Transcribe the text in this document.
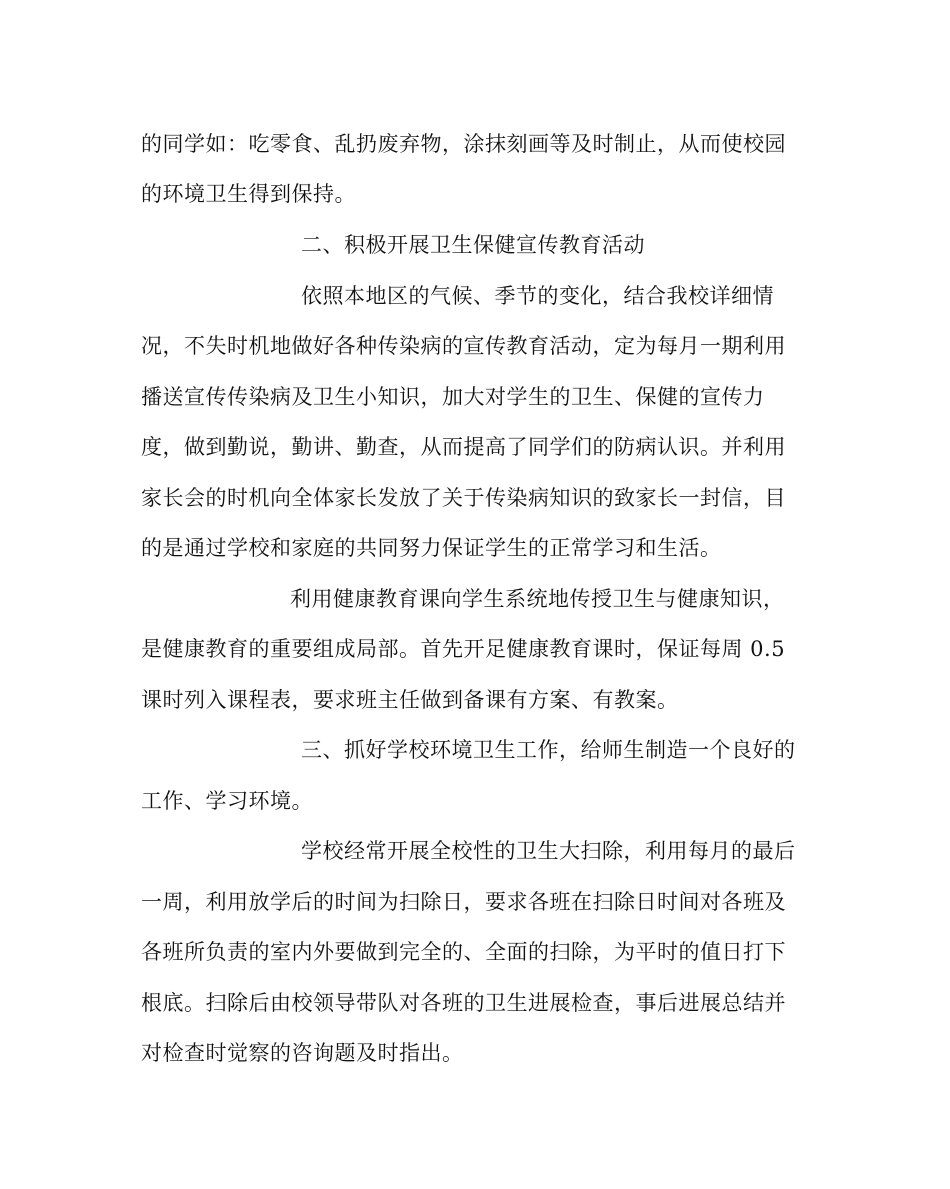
的同学如：吃零食、乱扔废弃物，涂抹刻画等及时制止，从而使校园
的环境卫生得到保持。
二、积极开展卫生保健宣传教育活动
依照本地区的气候、季节的变化，结合我校详细情
况，不失时机地做好各种传染病的宣传教育活动，定为每月一期利用
播送宣传传染病及卫生小知识，加大对学生的卫生、保健的宣传力
度，做到勤说，勤讲、勤查，从而提高了同学们的防病认识。并利用
家长会的时机向全体家长发放了关于传染病知识的致家长一封信，目
的是通过学校和家庭的共同努力保证学生的正常学习和生活。
利用健康教育课向学生系统地传授卫生与健康知识，
是健康教育的重要组成局部。首先开足健康教育课时，保证每周 0.5
课时列入课程表，要求班主任做到备课有方案、有教案。
三、抓好学校环境卫生工作，给师生制造一个良好的
工作、学习环境。
学校经常开展全校性的卫生大扫除，利用每月的最后
一周，利用放学后的时间为扫除日，要求各班在扫除日时间对各班及
各班所负责的室内外要做到完全的、全面的扫除，为平时的值日打下
根底。扫除后由校领导带队对各班的卫生进展检查，事后进展总结并
对检查时觉察的咨询题及时指出。
